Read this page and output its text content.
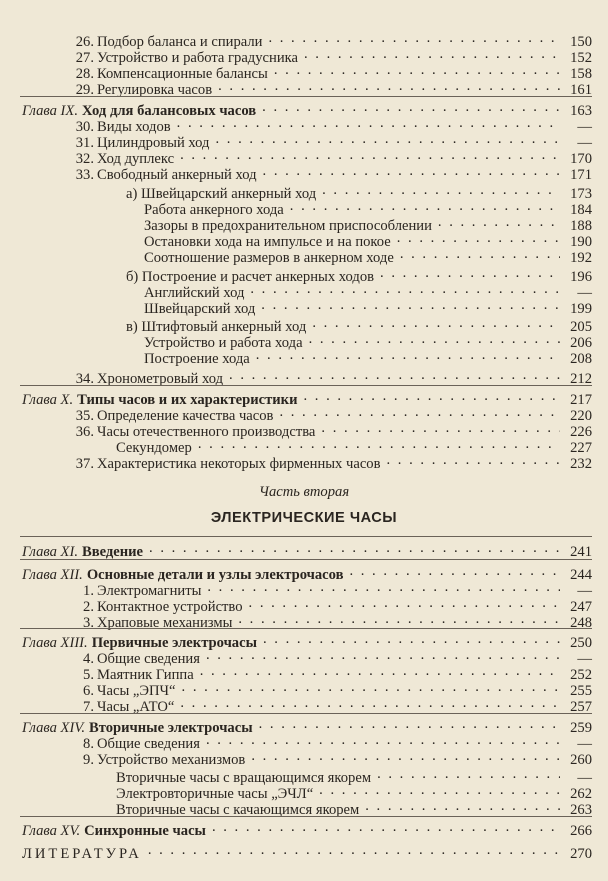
26. Подбор баланса и спирали . . .	150
27. Устройство и работа градусника . . .	152
28. Компенсационные балансы . . .	158
29. Регулировка часов . . .	161
Глава IX. Ход для балансовых часов . . .	163
30. Виды ходов . . .	—
31. Цилиндровый ход . . .	—
32. Ход дуплекс . . .	170
33. Свободный анкерный ход . . .	171
а) Швейцарский анкерный ход . . .	173
Работа анкерного хода . . .	184
Зазоры в предохранительном приспособлении . . .	188
Остановки хода на импульсе и на покое . . .	190
Соотношение размеров в анкерном ходе . . .	192
б) Построение и расчет анкерных ходов . . .	196
Английский ход . . .	—
Швейцарский ход . . .	199
в) Штифтовый анкерный ход . . .	205
Устройство и работа хода . . .	206
Построение хода . . .	208
34. Хронометровый ход . . .	212
Глава X. Типы часов и их характеристики . . .	217
35. Определение качества часов . . .	220
36. Часы отечественного производства . . .	226
Секундомер . . .	227
37. Характеристика некоторых фирменных часов . . .	232
Часть вторая
ЭЛЕКТРИЧЕСКИЕ ЧАСЫ
Глава XI. Введение . . .	241
Глава XII. Основные детали и узлы электрочасов . . .	244
1. Электромагниты . . .	—
2. Контактное устройство . . .	247
3. Храповые механизмы . . .	248
Глава XIII. Первичные электрочасы . . .	250
4. Общие сведения . . .	—
5. Маятник Гиппа . . .	252
6. Часы „ЭПЧ“ . . .	255
7. Часы „АТО“ . . .	257
Глава XIV. Вторичные электрочасы . . .	259
8. Общие сведения . . .	—
9. Устройство механизмов . . .	260
Вторичные часы с вращающимся якорем . . .	—
Электровторичные часы „ЭЧЛ“ . . .	262
Вторичные часы с качающимся якорем . . .	263
Глава XV. Синхронные часы . . .	266
ЛИТЕРАТУРА . . .	270
